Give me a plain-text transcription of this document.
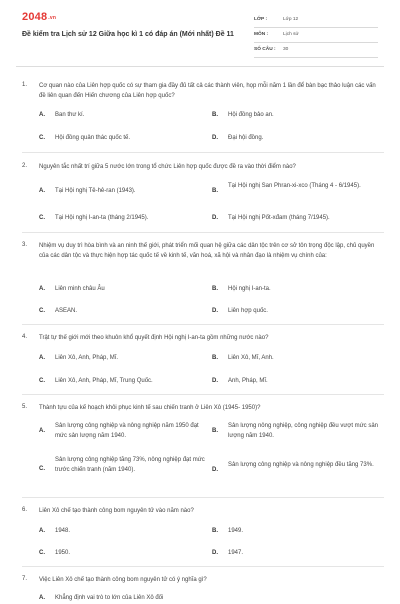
2048.vn
Đề kiểm tra Lịch sử 12 Giữa học kì 1 có đáp án (Mới nhất) Đề 11
LỚP :	Lớp 12
MÔN :	Lịch sử
SỐ CÂU : 30
1. Cơ quan nào của Liên hợp quốc có sự tham gia đầy đủ tất cả các thành viên, họp mỗi năm 1 lần để bàn bạc thảo luận các vấn đề liên quan đến Hiến chương của Liên hợp quốc?
A. Ban thư kí.	B. Hội đồng bảo an.
C. Hội đồng quản thác quốc tế.	D. Đại hội đồng.
2. Nguyên tắc nhất trí giữa 5 nước lớn trong tổ chức Liên hợp quốc được đề ra vào thời điểm nào?
A. Tại Hội nghị Tê-hê-ran (1943).	B.
Tại Hội nghị San Phran-xi-xco (Tháng 4 - 6/1945).
C. Tại Hội nghị I-an-ta (tháng 2/1945).	D. Tại Hội nghị Pốt-xđam (tháng 7/1945).
3. Nhiệm vụ duy trì hòa bình và an ninh thế giới, phát triển mối quan hệ giữa các dân tộc trên cơ sở tôn trọng độc lập, chủ quyền của các dân tộc và thực hiện hợp tác quốc tế về kinh tế, văn hoá, xã hội và nhân đạo là nhiệm vụ chính của:
A. Liên minh châu Âu	B. Hội nghị I-an-ta.
C. ASEAN.	D. Liên hợp quốc.
4. Trật tự thế giới mới theo khuôn khổ quyết định Hội nghị I-an-ta gồm những nước nào?
A. Liên Xô, Anh, Pháp, Mĩ.	B. Liên Xô, Mĩ, Anh.
C. Liên Xô, Anh, Pháp, Mĩ, Trung Quốc.	D. Anh, Pháp, Mĩ.
5. Thành tựu của kế hoạch khôi phục kinh tế sau chiến tranh ở Liên Xô (1945- 1950)?
A.
Sản lượng công nghiệp và nông nghiệp năm 1950 đạt mức sản lượng năm 1940.
B.
Sản lượng nông nghiệp, công nghiệp đều vượt mức sản lượng năm 1940.
C.
Sản lượng công nghiệp tăng 73%, nông nghiệp đạt mức trước chiến tranh (năm 1940).	D.
Sản lượng công nghiệp và nông nghiệp đều tăng 73%.
6. Liên Xô chế tạo thành công bom nguyên tử vào năm nào?
A. 1948.	B. 1949.
C. 1950.	D. 1947.
7. Việc Liên Xô chế tạo thành công bom nguyên tử có ý nghĩa gì?
A. Khẳng định vai trò to lớn của Liên Xô đối
